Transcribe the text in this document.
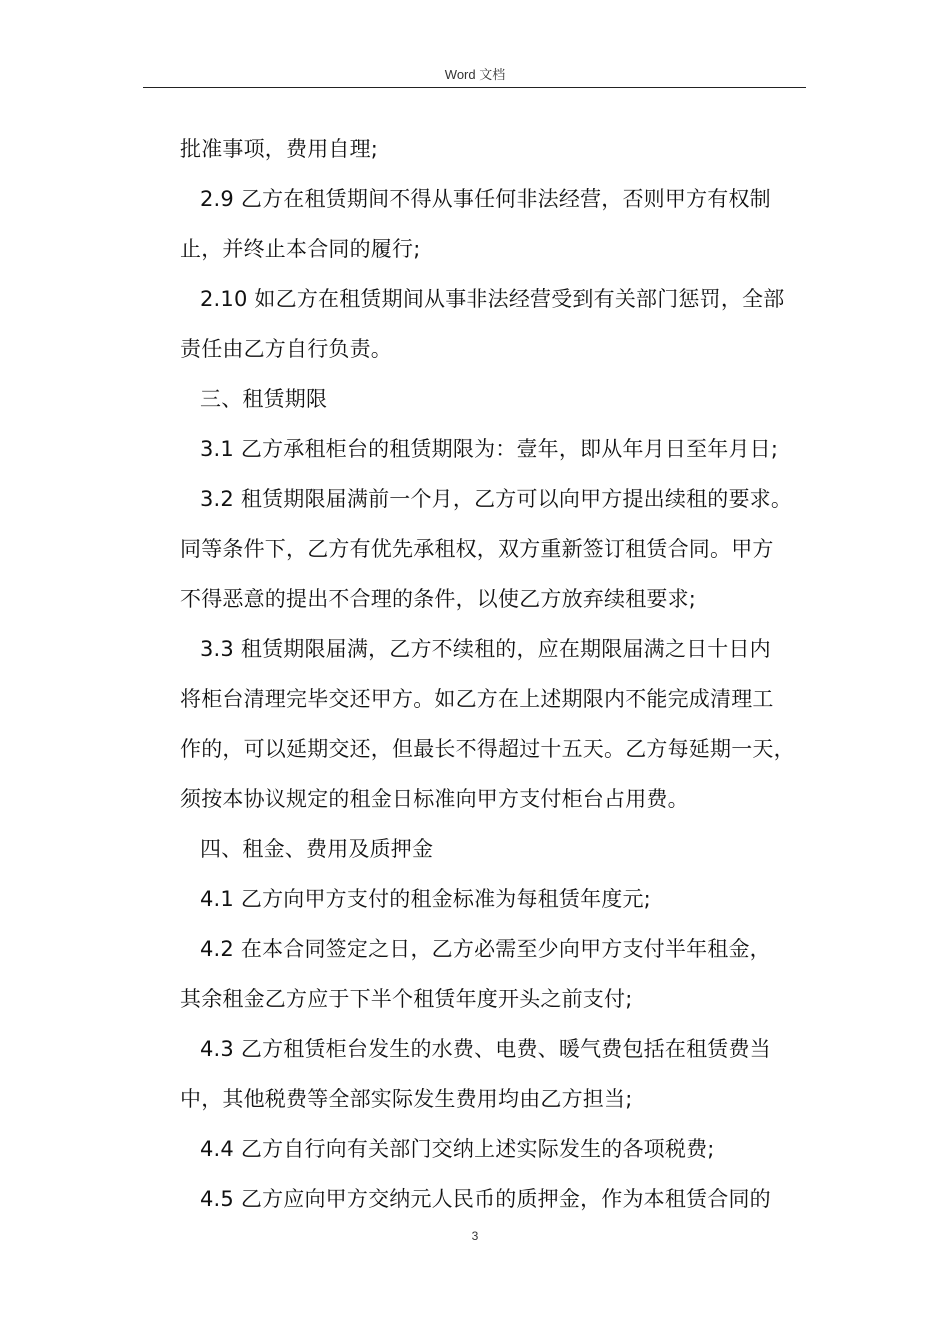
Word 文档

批准事项，费用自理;
2.9 乙方在租赁期间不得从事任何非法经营，否则甲方有权制
止，并终止本合同的履行;
2.10 如乙方在租赁期间从事非法经营受到有关部门惩罚，全部
责任由乙方自行负责。
三、租赁期限
3.1 乙方承租柜台的租赁期限为：壹年，即从年月日至年月日;
3.2 租赁期限届满前一个月，乙方可以向甲方提出续租的要求。
同等条件下，乙方有优先承租权，双方重新签订租赁合同。甲方
不得恶意的提出不合理的条件，以使乙方放弃续租要求;
3.3 租赁期限届满，乙方不续租的，应在期限届满之日十日内
将柜台清理完毕交还甲方。如乙方在上述期限内不能完成清理工
作的，可以延期交还，但最长不得超过十五天。乙方每延期一天，
须按本协议规定的租金日标准向甲方支付柜台占用费。
四、租金、费用及质押金
4.1 乙方向甲方支付的租金标准为每租赁年度元;
4.2 在本合同签定之日，乙方必需至少向甲方支付半年租金，
其余租金乙方应于下半个租赁年度开头之前支付;
4.3 乙方租赁柜台发生的水费、电费、暖气费包括在租赁费当
中，其他税费等全部实际发生费用均由乙方担当;
4.4 乙方自行向有关部门交纳上述实际发生的各项税费;
4.5 乙方应向甲方交纳元人民币的质押金，作为本租赁合同的

3
